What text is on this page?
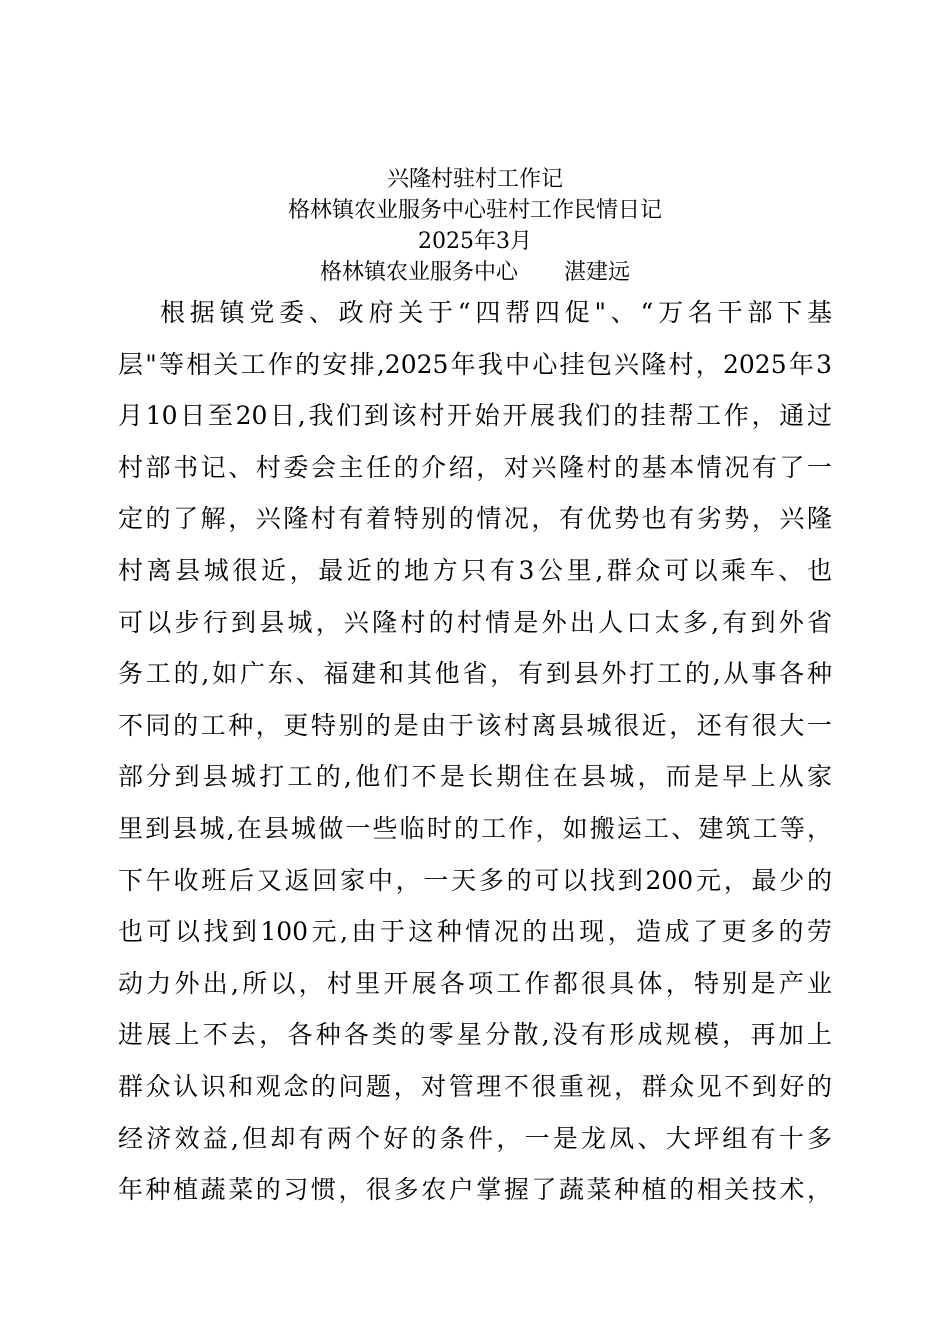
兴隆村驻村工作记
格林镇农业服务中心驻村工作民情日记
2025年3月
格林镇农业服务中心 湛建远
根据镇党委、政府关于“四帮四促"、“万名干部下基
层"等相关工作的安排,2025年我中心挂包兴隆村，2025年3
月10日至20日,我们到该村开始开展我们的挂帮工作，通过
村部书记、村委会主任的介绍，对兴隆村的基本情况有了一
定的了解，兴隆村有着特别的情况，有优势也有劣势，兴隆
村离县城很近，最近的地方只有3公里,群众可以乘车、也
可以步行到县城，兴隆村的村情是外出人口太多,有到外省
务工的,如广东、福建和其他省，有到县外打工的,从事各种
不同的工种，更特别的是由于该村离县城很近，还有很大一
部分到县城打工的,他们不是长期住在县城，而是早上从家
里到县城,在县城做一些临时的工作，如搬运工、建筑工等，
下午收班后又返回家中，一天多的可以找到200元，最少的
也可以找到100元,由于这种情况的出现，造成了更多的劳
动力外出,所以，村里开展各项工作都很具体，特别是产业
进展上不去，各种各类的零星分散,没有形成规模，再加上
群众认识和观念的问题，对管理不很重视，群众见不到好的
经济效益,但却有两个好的条件，一是龙凤、大坪组有十多
年种植蔬菜的习惯，很多农户掌握了蔬菜种植的相关技术，
